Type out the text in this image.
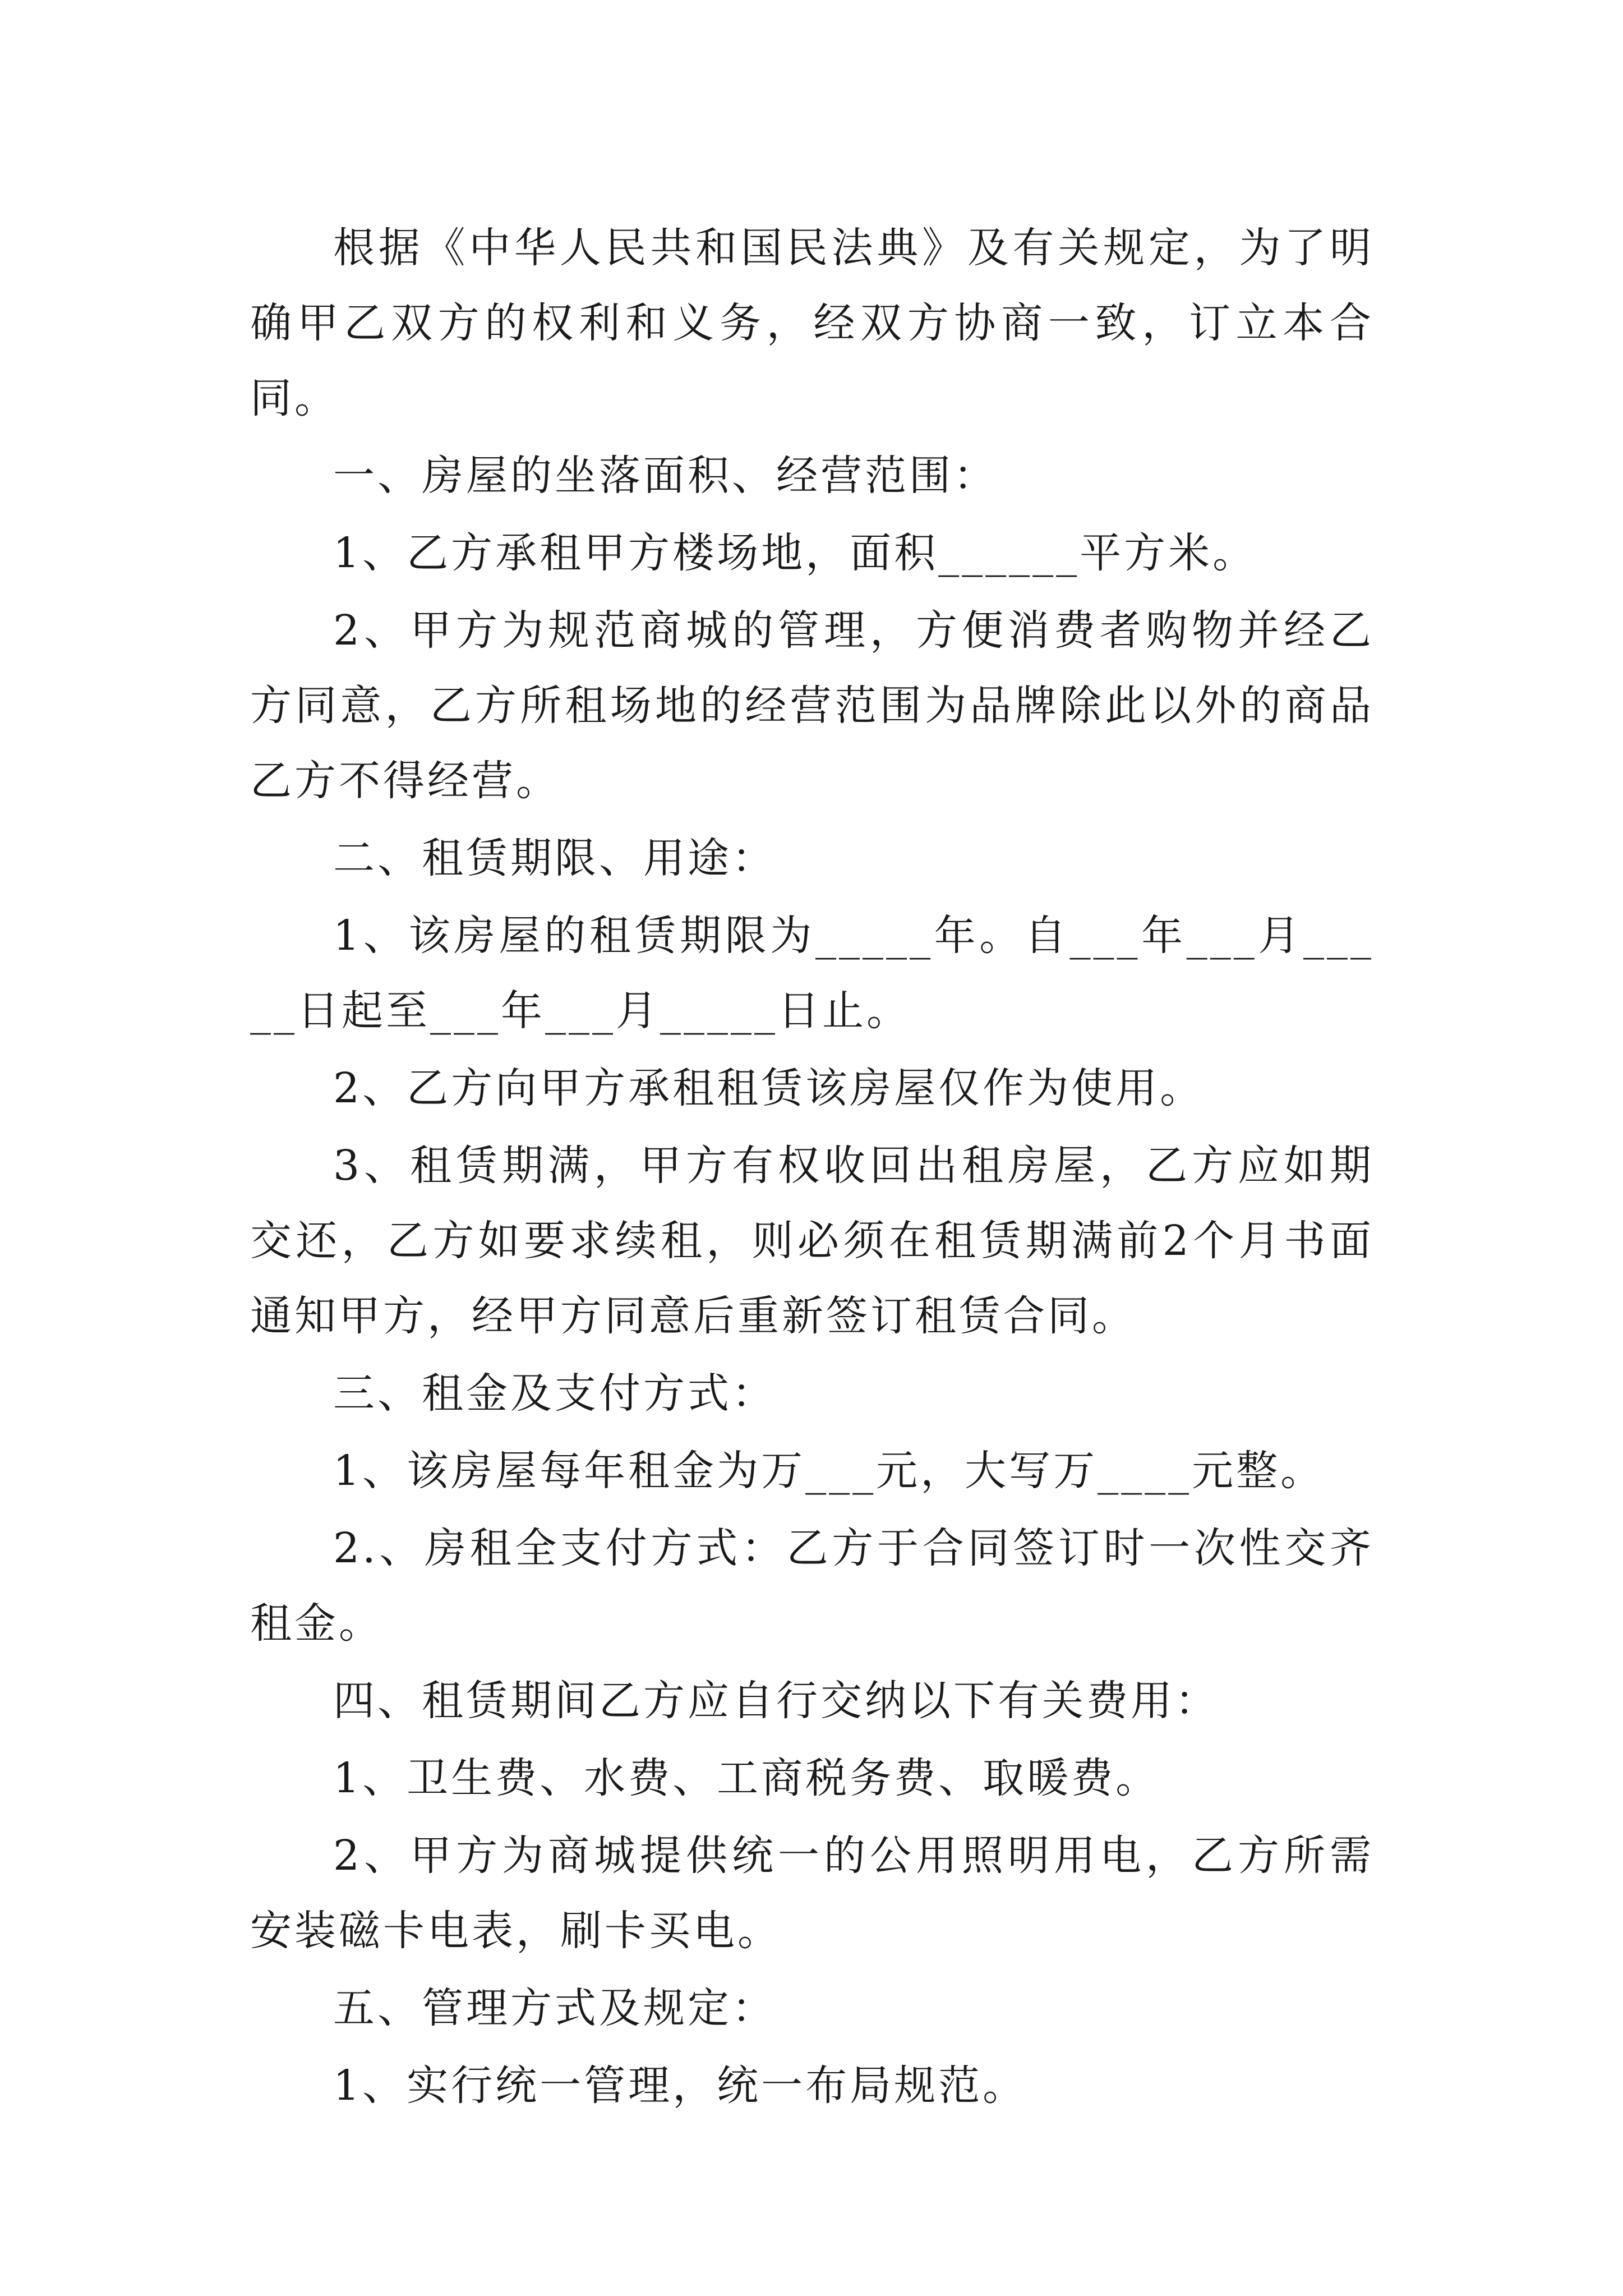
根据《中华人民共和国民法典》及有关规定，为了明确甲乙双方的权利和义务，经双方协商一致，订立本合同。

一、房屋的坐落面积、经营范围：

1、乙方承租甲方楼场地，面积______平方米。

2、甲方为规范商城的管理，方便消费者购物并经乙方同意，乙方所租场地的经营范围为品牌除此以外的商品乙方不得经营。

二、租赁期限、用途：

1、该房屋的租赁期限为_____年。自___年___月_____日起至___年___月_____日止。

2、乙方向甲方承租租赁该房屋仅作为使用。

3、租赁期满，甲方有权收回出租房屋，乙方应如期交还，乙方如要求续租，则必须在租赁期满前2个月书面通知甲方，经甲方同意后重新签订租赁合同。

三、租金及支付方式：

1、该房屋每年租金为万___元，大写万____元整。

2.、房租全支付方式：乙方于合同签订时一次性交齐租金。

四、租赁期间乙方应自行交纳以下有关费用：

1、卫生费、水费、工商税务费、取暖费。

2、甲方为商城提供统一的公用照明用电，乙方所需安装磁卡电表，刷卡买电。

五、管理方式及规定：

1、实行统一管理，统一布局规范。
